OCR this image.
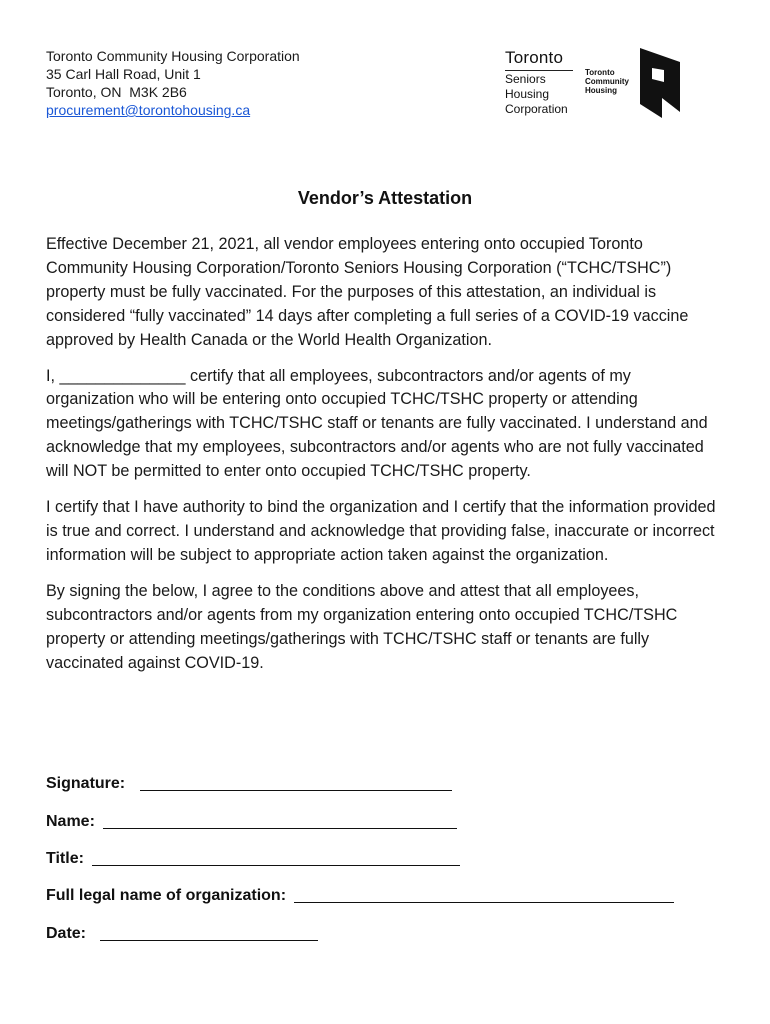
Toronto Community Housing Corporation
35 Carl Hall Road, Unit 1
Toronto, ON  M3K 2B6
procurement@torontohousing.ca
Toronto
Seniors
Housing
Corporation
Toronto
Community
Housing
Vendor’s Attestation

Effective December 21, 2021, all vendor employees entering onto occupied Toronto Community Housing Corporation/Toronto Seniors Housing Corporation (“TCHC/TSHC”) property must be fully vaccinated. For the purposes of this attestation, an individual is considered “fully vaccinated” 14 days after completing a full series of a COVID-19 vaccine approved by Health Canada or the World Health Organization.

I, ______________ certify that all employees, subcontractors and/or agents of my organization who will be entering onto occupied TCHC/TSHC property or attending meetings/gatherings with TCHC/TSHC staff or tenants are fully vaccinated. I understand and acknowledge that my employees, subcontractors and/or agents who are not fully vaccinated will NOT be permitted to enter onto occupied TCHC/TSHC property.

I certify that I have authority to bind the organization and I certify that the information provided is true and correct. I understand and acknowledge that providing false, inaccurate or incorrect information will be subject to appropriate action taken against the organization.

By signing the below, I agree to the conditions above and attest that all employees, subcontractors and/or agents from my organization entering onto occupied TCHC/TSHC property or attending meetings/gatherings with TCHC/TSHC staff or tenants are fully vaccinated against COVID-19.

Signature:
Name:
Title:
Full legal name of organization:
Date:
